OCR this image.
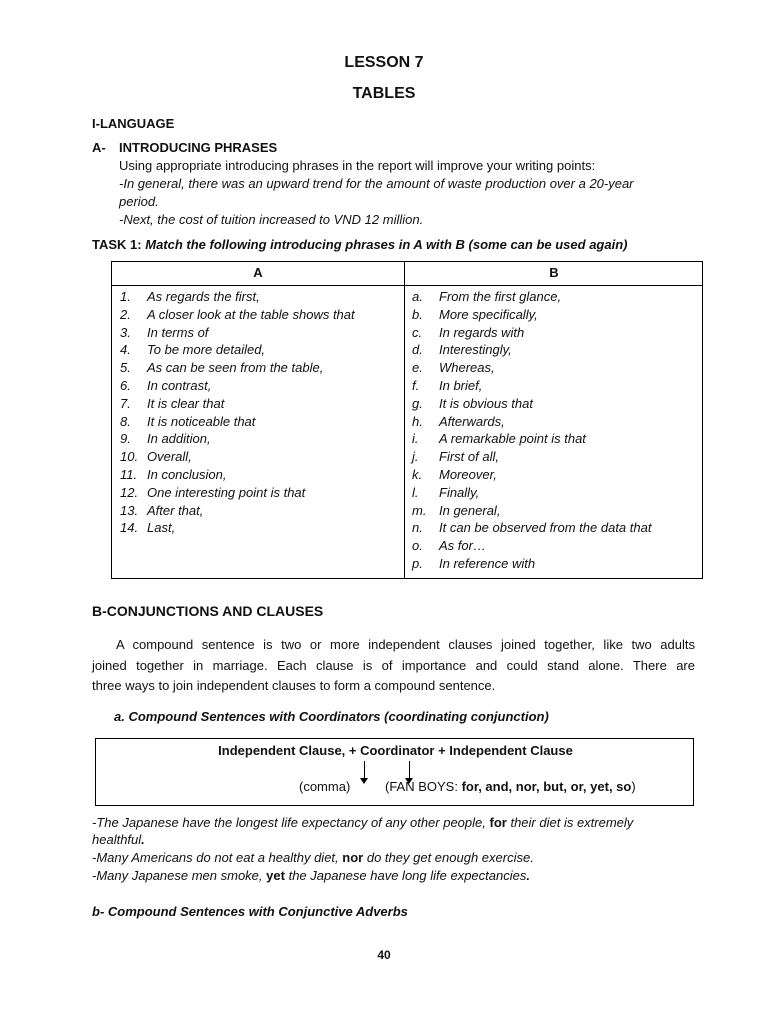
LESSON 7
TABLES
I-LANGUAGE
A- INTRODUCING PHRASES
Using appropriate introducing phrases in the report will improve your writing points:
-In general, there was an upward trend for the amount of waste production over a 20-year
period.
-Next, the cost of tuition increased to VND 12 million.
TASK 1: Match the following introducing phrases in A with B (some can be used again)
A	B
1. As regards the first,
2. A closer look at the table shows that
3. In terms of
4. To be more detailed,
5. As can be seen from the table,
6. In contrast,
7. It is clear that
8. It is noticeable that
9. In addition,
10. Overall,
11. In conclusion,
12. One interesting point is that
13. After that,
14. Last,
a. From the first glance,
b. More specifically,
c. In regards with
d. Interestingly,
e. Whereas,
f. In brief,
g. It is obvious that
h. Afterwards,
i. A remarkable point is that
j. First of all,
k. Moreover,
l. Finally,
m. In general,
n. It can be observed from the data that
o. As for…
p. In reference with
B-CONJUNCTIONS AND CLAUSES
A compound sentence is two or more independent clauses joined together, like two adults
joined together in marriage. Each clause is of importance and could stand alone. There are
three ways to join independent clauses to form a compound sentence.
a. Compound Sentences with Coordinators (coordinating conjunction)
Independent Clause, + Coordinator + Independent Clause
(comma)	(FAN BOYS: for, and, nor, but, or, yet, so)
-The Japanese have the longest life expectancy of any other people, for their diet is extremely
healthful.
-Many Americans do not eat a healthy diet, nor do they get enough exercise.
-Many Japanese men smoke, yet the Japanese have long life expectancies.
b- Compound Sentences with Conjunctive Adverbs
40
